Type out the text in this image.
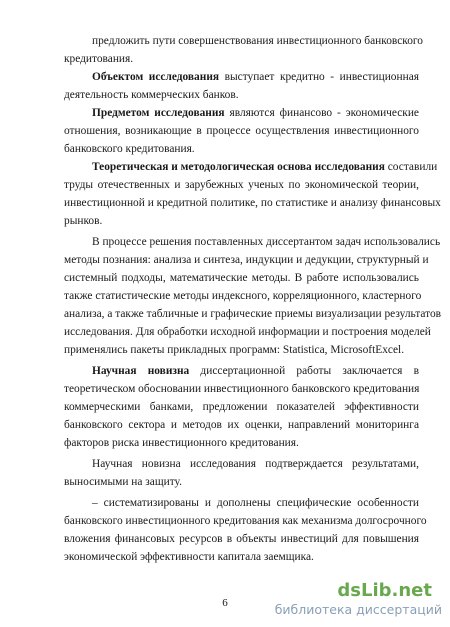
предложить пути совершенствования инвестиционного банковского
кредитования.
Объектом исследования выступает кредитно - инвестиционная
деятельность коммерческих банков.
Предметом исследования являются финансово - экономические
отношения, возникающие в процессе осуществления инвестиционного
банковского кредитования.
Теоретическая и методологическая основа исследования составили
труды отечественных и зарубежных ученых по экономической теории,
инвестиционной и кредитной политике, по статистике и анализу финансовых
рынков.
В процессе решения поставленных диссертантом задач использовались
методы познания: анализа и синтеза, индукции и дедукции, структурный и
системный подходы, математические методы. В работе использовались
также статистические методы индексного, корреляционного, кластерного
анализа, а также табличные и графические приемы визуализации результатов
исследования. Для обработки исходной информации и построения моделей
применялись пакеты прикладных программ: Statistica, MicrosoftExcel.
Научная новизна диссертационной работы заключается в
теоретическом обосновании инвестиционного банковского кредитования
коммерческими банками, предложении показателей эффективности
банковского сектора и методов их оценки, направлений мониторинга
факторов риска инвестиционного кредитования.
Научная новизна исследования подтверждается результатами,
выносимыми на защиту.
– систематизированы и дополнены специфические особенности
банковского инвестиционного кредитования как механизма долгосрочного
вложения финансовых ресурсов в объекты инвестиций для повышения
экономической эффективности капитала заемщика.
6
dsLib.net
библиотека диссертаций
